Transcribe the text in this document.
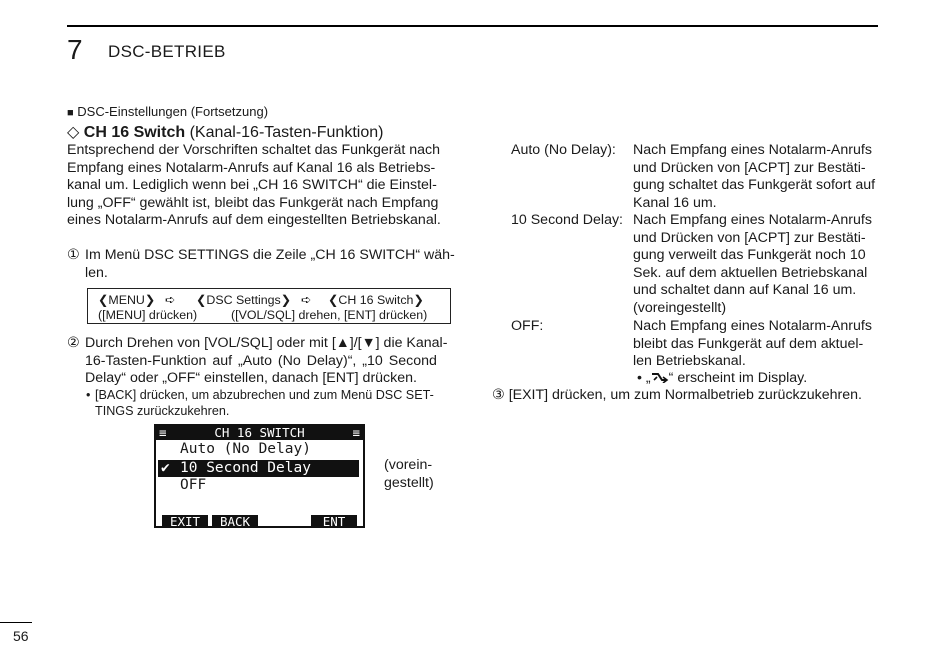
7 DSC-BETRIEB
■ DSC-Einstellungen (Fortsetzung)
◇ CH 16 Switch (Kanal-16-Tasten-Funktion)
Entsprechend der Vorschriften schaltet das Funkgerät nach
Empfang eines Notalarm-Anrufs auf Kanal 16 als Betriebs-
kanal um. Lediglich wenn bei „CH 16 SWITCH“ die Einstel-
lung „OFF“ gewählt ist, bleibt das Funkgerät nach Empfang
eines Notalarm-Anrufs auf dem eingestellten Betriebskanal.
① Im Menü DSC SETTINGS die Zeile „CH 16 SWITCH“ wäh-
len.
❮MENU❯ ➪ ❮DSC Settings❯ ➪ ❮CH 16 Switch❯
([MENU] drücken)	([VOL/SQL] drehen, [ENT] drücken)
② Durch Drehen von [VOL/SQL] oder mit [▲]/[▼] die Kanal-
16-Tasten-Funktion auf „Auto (No Delay)“, „10 Second
Delay“ oder „OFF“ einstellen, danach [ENT] drücken.
• [BACK] drücken, um abzubrechen und zum Menü DSC SET-
TINGS zurückzukehren.
≡	CH 16 SWITCH	≡
Auto (No Delay)
✔ 10 Second Delay
OFF
EXIT	BACK	ENT
(vorein-
gestellt)
Auto (No Delay): Nach Empfang eines Notalarm-Anrufs
und Drücken von [ACPT] zur Bestäti-
gung schaltet das Funkgerät sofort auf
Kanal 16 um.
10 Second Delay: Nach Empfang eines Notalarm-Anrufs
und Drücken von [ACPT] zur Bestäti-
gung verweilt das Funkgerät noch 10
Sek. auf dem aktuellen Betriebskanal
und schaltet dann auf Kanal 16 um.
(voreingestellt)
OFF:	Nach Empfang eines Notalarm-Anrufs
bleibt das Funkgerät auf dem aktuel-
len Betriebskanal.
• „ “ erscheint im Display.
③ [EXIT] drücken, um zum Normalbetrieb zurückzukehren.
56
